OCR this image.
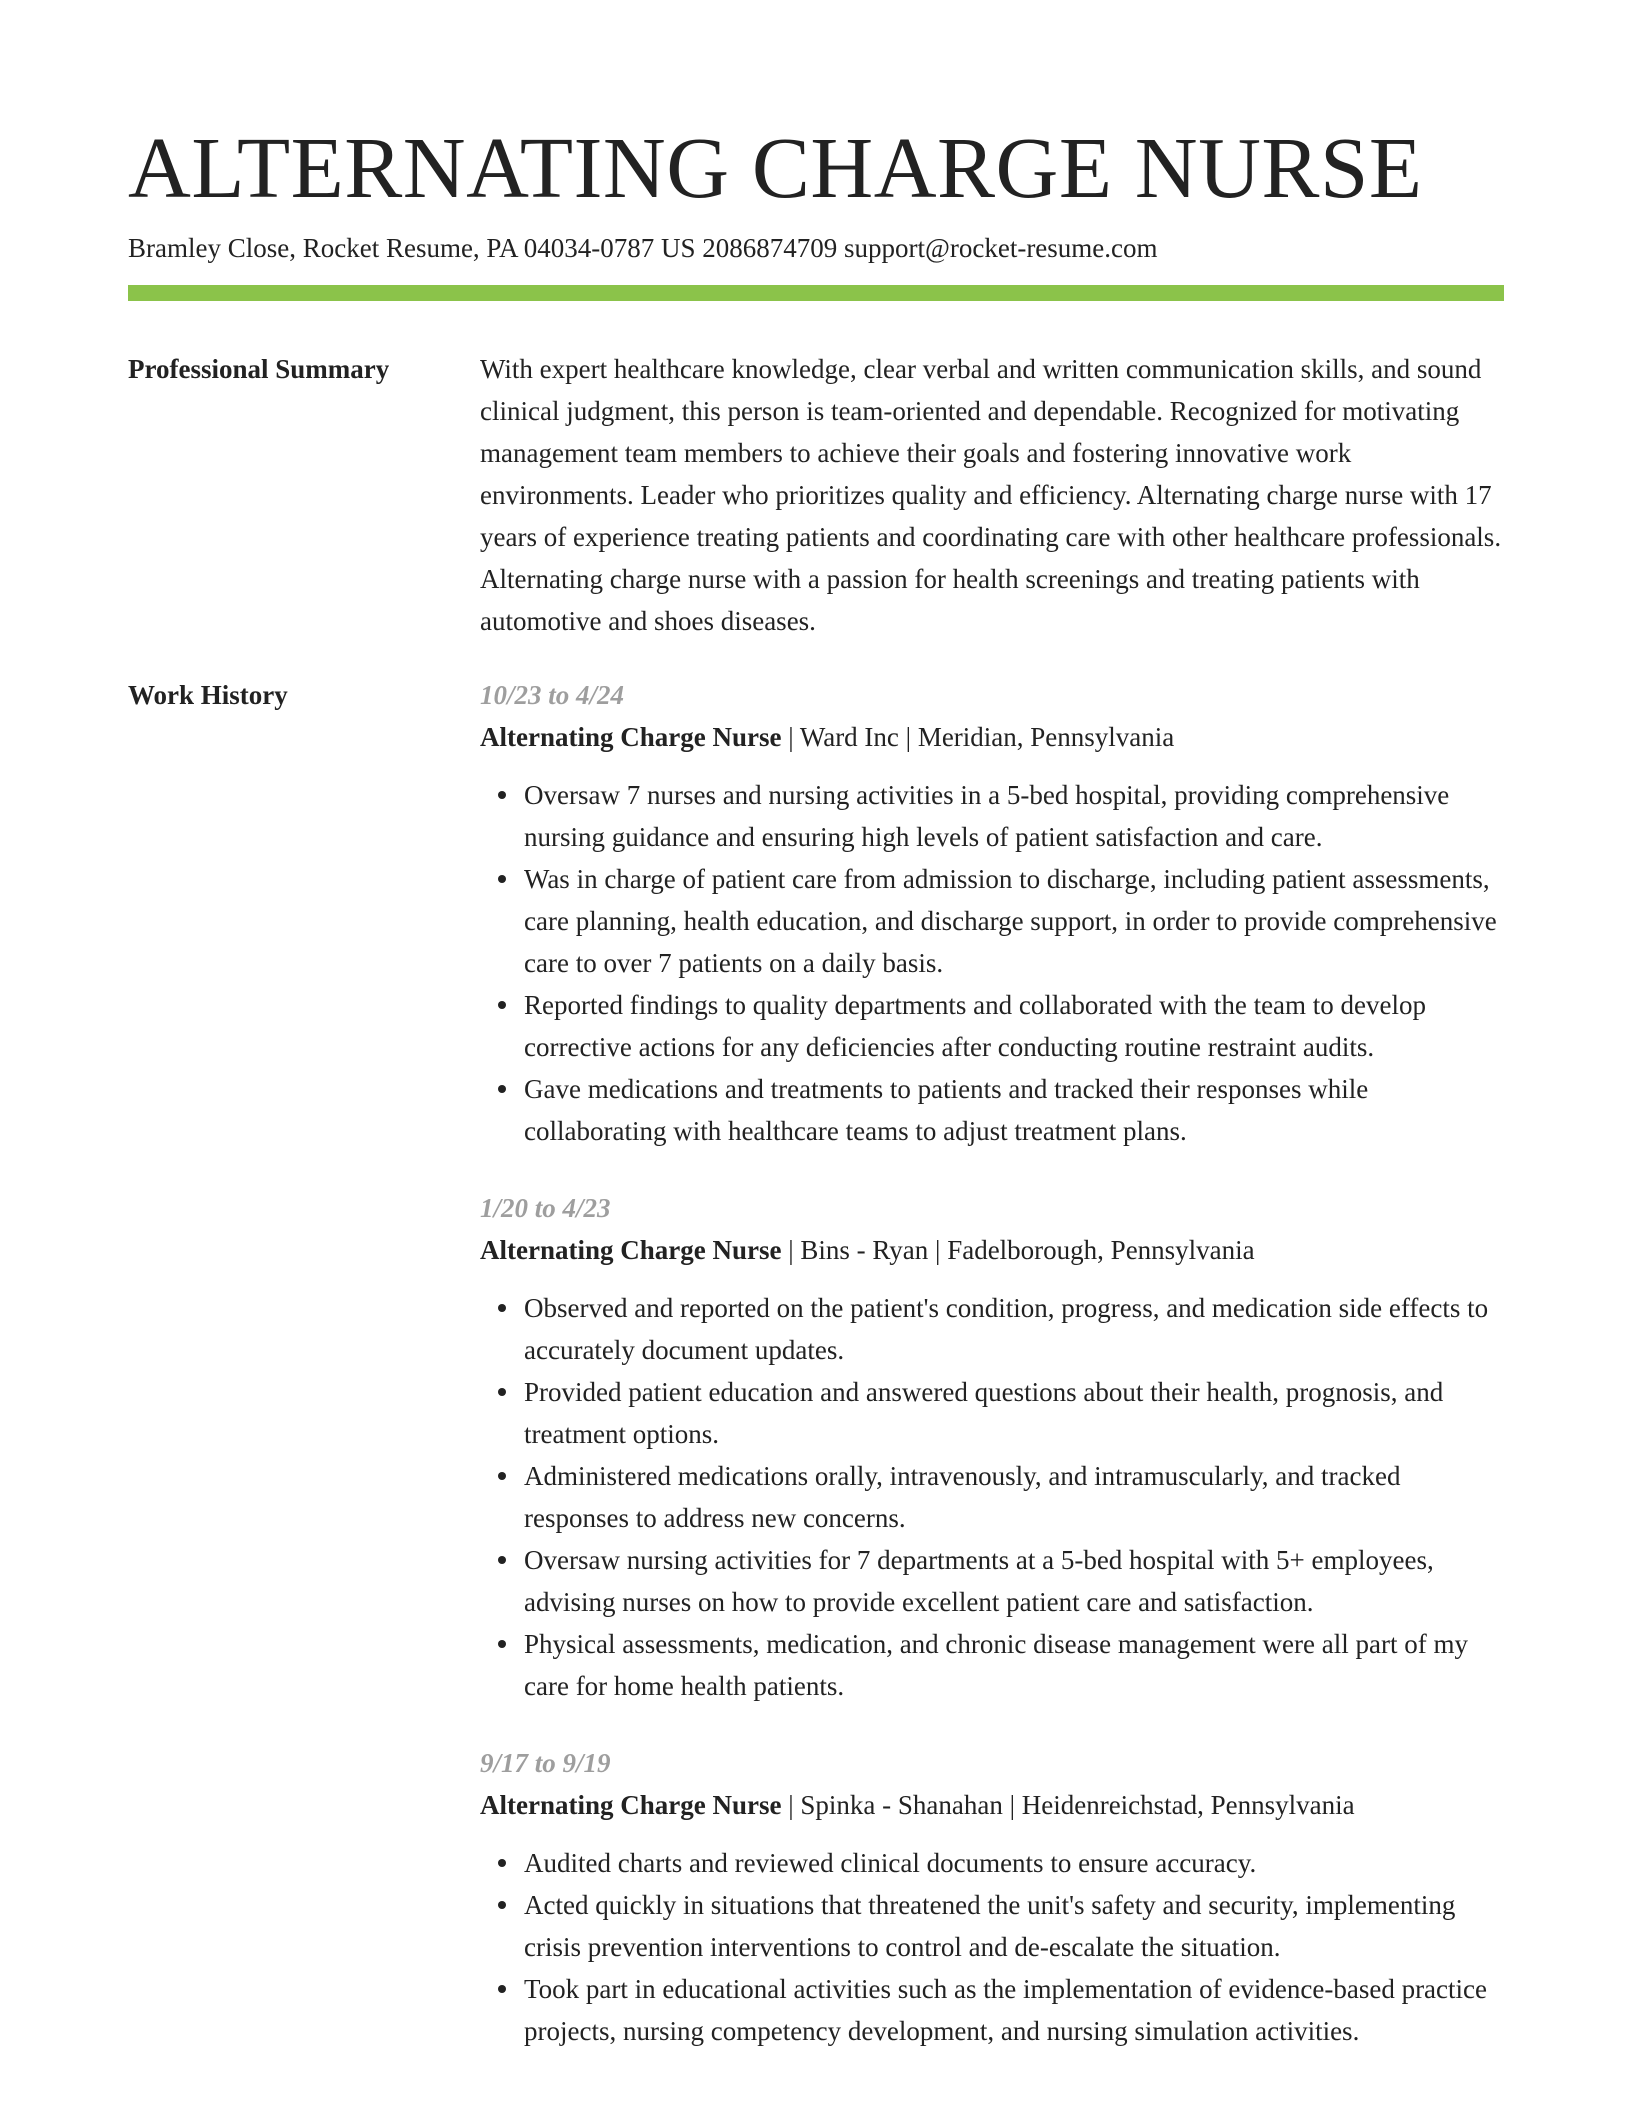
ALTERNATING CHARGE NURSE
Bramley Close, Rocket Resume, PA 04034-0787 US 2086874709 support@rocket-resume.com
Professional Summary	With expert healthcare knowledge, clear verbal and written communication skills, and sound clinical judgment, this person is team-oriented and dependable. Recognized for motivating management team members to achieve their goals and fostering innovative work environments. Leader who prioritizes quality and efficiency. Alternating charge nurse with 17 years of experience treating patients and coordinating care with other healthcare professionals. Alternating charge nurse with a passion for health screenings and treating patients with automotive and shoes diseases.

Work History	10/23 to 4/24
Alternating Charge Nurse | Ward Inc | Meridian, Pennsylvania
Oversaw 7 nurses and nursing activities in a 5-bed hospital, providing comprehensive nursing guidance and ensuring high levels of patient satisfaction and care.
Was in charge of patient care from admission to discharge, including patient assessments, care planning, health education, and discharge support, in order to provide comprehensive care to over 7 patients on a daily basis.
Reported findings to quality departments and collaborated with the team to develop corrective actions for any deficiencies after conducting routine restraint audits.
Gave medications and treatments to patients and tracked their responses while collaborating with healthcare teams to adjust treatment plans.
1/20 to 4/23
Alternating Charge Nurse | Bins - Ryan | Fadelborough, Pennsylvania
Observed and reported on the patient's condition, progress, and medication side effects to accurately document updates.
Provided patient education and answered questions about their health, prognosis, and treatment options.
Administered medications orally, intravenously, and intramuscularly, and tracked responses to address new concerns.
Oversaw nursing activities for 7 departments at a 5-bed hospital with 5+ employees, advising nurses on how to provide excellent patient care and satisfaction.
Physical assessments, medication, and chronic disease management were all part of my care for home health patients.
9/17 to 9/19
Alternating Charge Nurse | Spinka - Shanahan | Heidenreichstad, Pennsylvania
Audited charts and reviewed clinical documents to ensure accuracy.
Acted quickly in situations that threatened the unit's safety and security, implementing crisis prevention interventions to control and de-escalate the situation.
Took part in educational activities such as the implementation of evidence-based practice projects, nursing competency development, and nursing simulation activities.
